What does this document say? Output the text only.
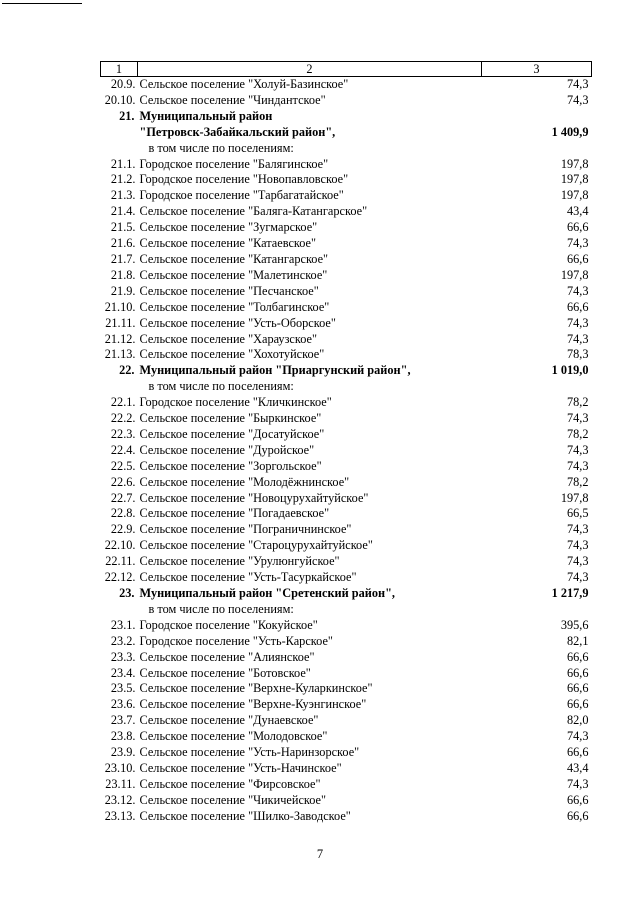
1	2	3
20.9.	Сельское поселение "Холуй-Базинское"	74,3
20.10.	Сельское поселение "Чиндантское"	74,3
21.	Муниципальный район	
	"Петровск-Забайкальский район",	1 409,9
	в том числе по поселениям:	
21.1.	Городское поселение "Балягинское"	197,8
21.2.	Городское поселение "Новопавловское"	197,8
21.3.	Городское поселение "Тарбагатайское"	197,8
21.4.	Сельское поселение "Баляга-Катангарское"	43,4
21.5.	Сельское поселение "Зугмарское"	66,6
21.6.	Сельское поселение "Катаевское"	74,3
21.7.	Сельское поселение "Катангарское"	66,6
21.8.	Сельское поселение "Малетинское"	197,8
21.9.	Сельское поселение "Песчанское"	74,3
21.10.	Сельское поселение "Толбагинское"	66,6
21.11.	Сельское поселение "Усть-Оборское"	74,3
21.12.	Сельское поселение "Хараузское"	74,3
21.13.	Сельское поселение "Хохотуйское"	78,3
22.	Муниципальный район "Приаргунский район",	1 019,0
	в том числе по поселениям:	
22.1.	Городское поселение "Кличкинское"	78,2
22.2.	Сельское поселение "Быркинское"	74,3
22.3.	Сельское поселение "Досатуйское"	78,2
22.4.	Сельское поселение "Дуройское"	74,3
22.5.	Сельское поселение "Зоргольское"	74,3
22.6.	Сельское поселение "Молодёжнинское"	78,2
22.7.	Сельское поселение "Новоцурухайтуйское"	197,8
22.8.	Сельское поселение "Погадаевское"	66,5
22.9.	Сельское поселение "Пограничнинское"	74,3
22.10.	Сельское поселение "Староцурухайтуйское"	74,3
22.11.	Сельское поселение "Урулюнгуйское"	74,3
22.12.	Сельское поселение "Усть-Тасуркайское"	74,3
23.	Муниципальный район "Сретенский район",	1 217,9
	в том числе по поселениям:	
23.1.	Городское поселение "Кокуйское"	395,6
23.2.	Городское поселение "Усть-Карское"	82,1
23.3.	Сельское поселение "Алиянское"	66,6
23.4.	Сельское поселение "Ботовское"	66,6
23.5.	Сельское поселение "Верхне-Куларкинское"	66,6
23.6.	Сельское поселение "Верхне-Куэнгинское"	66,6
23.7.	Сельское поселение "Дунаевское"	82,0
23.8.	Сельское поселение "Молодовское"	74,3
23.9.	Сельское поселение "Усть-Наринзорское"	66,6
23.10.	Сельское поселение "Усть-Начинское"	43,4
23.11.	Сельское поселение "Фирсовское"	74,3
23.12.	Сельское поселение "Чикичейское"	66,6
23.13.	Сельское поселение "Шилко-Заводское"	66,6
7
